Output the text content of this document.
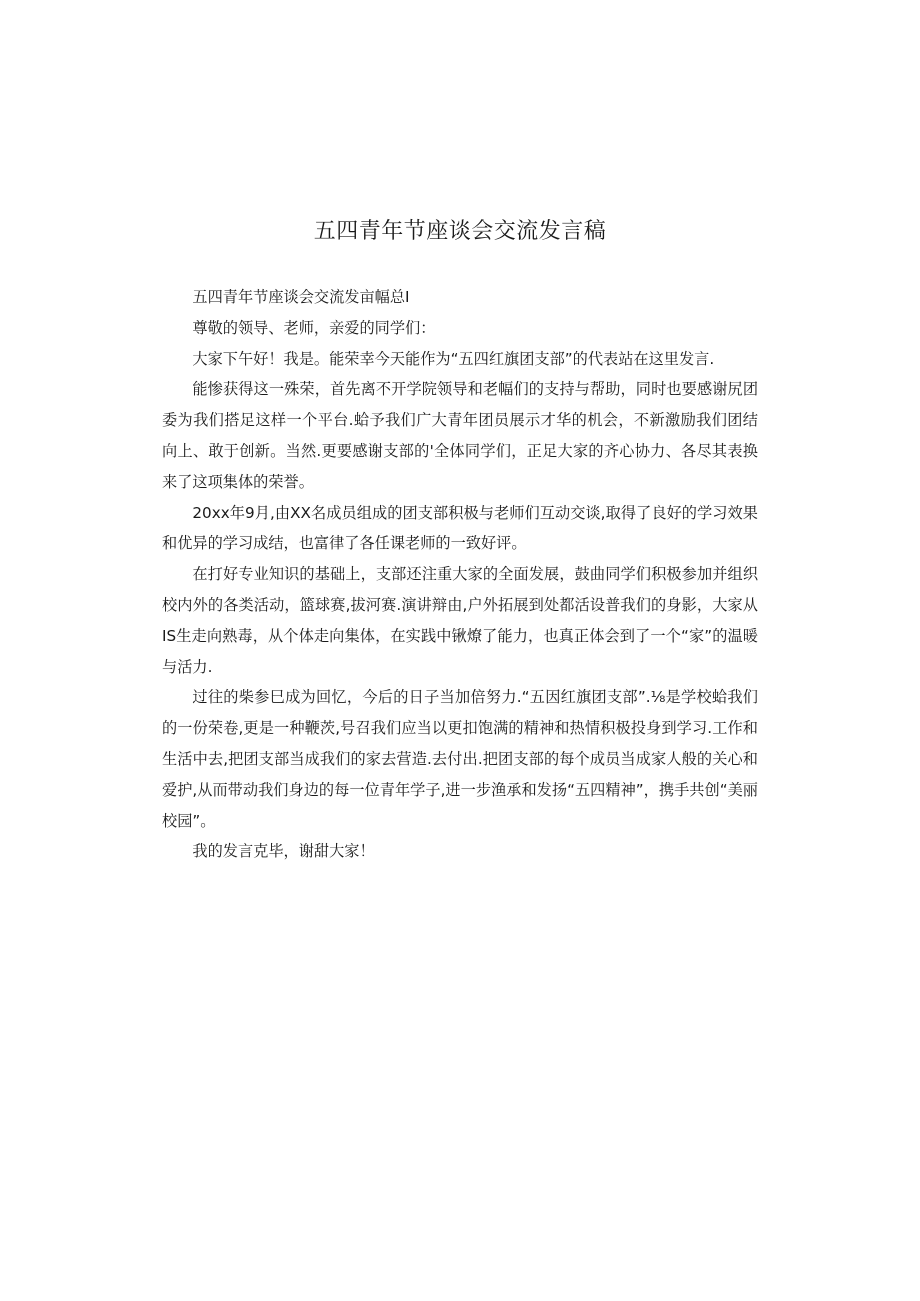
五四青年节座谈会交流发言稿

五四青年节座谈会交流发亩幅总I

尊敬的领导、老师，亲爱的同学们：

大家下午好！我是。能荣幸今天能作为“五四红旗团支部”的代表站在这里发言.

能惨获得这一殊荣，首先离不开学院领导和老幅们的支持与帮助，同时也要感谢尻团委为我们搭足这样一个平台.蛤予我们广大青年团员展示才华的机会，不新激励我们团结向上、敢于创新。当然.更要感谢支部的'全体同学们，正足大家的齐心协力、各尽其表换来了这项集体的荣誉。

20xx年9月,由XX名成员组成的团支部积极与老师们互动交谈,取得了良好的学习效果和优异的学习成结，也富律了各任课老师的一致好评。

在打好专业知识的基础上，支部还注重大家的全面发展，鼓曲同学们积极参加并组织校内外的各类活动，篮球赛,拔河赛.演讲辩由,户外拓展到处都活设普我们的身影，大家从IS生走向熟毒，从个体走向集体，在实践中锹燎了能力，也真正体会到了一个“家”的温暖与活力.

过往的柴参巳成为回忆，今后的日子当加倍努力.“五因红旗团支部”.⅛是学校蛤我们的一份荣卷,更是一种鞭茨,号召我们应当以更扣饱满的精神和热情积极投身到学习.工作和生活中去,把团支部当成我们的家去营造.去付出.把团支部的每个成员当成家人般的关心和爱护,从而带动我们身边的每一位青年学子,进一步渔承和发扬“五四精神”，携手共创“美丽校园”。

我的发言克毕，谢甜大家！
